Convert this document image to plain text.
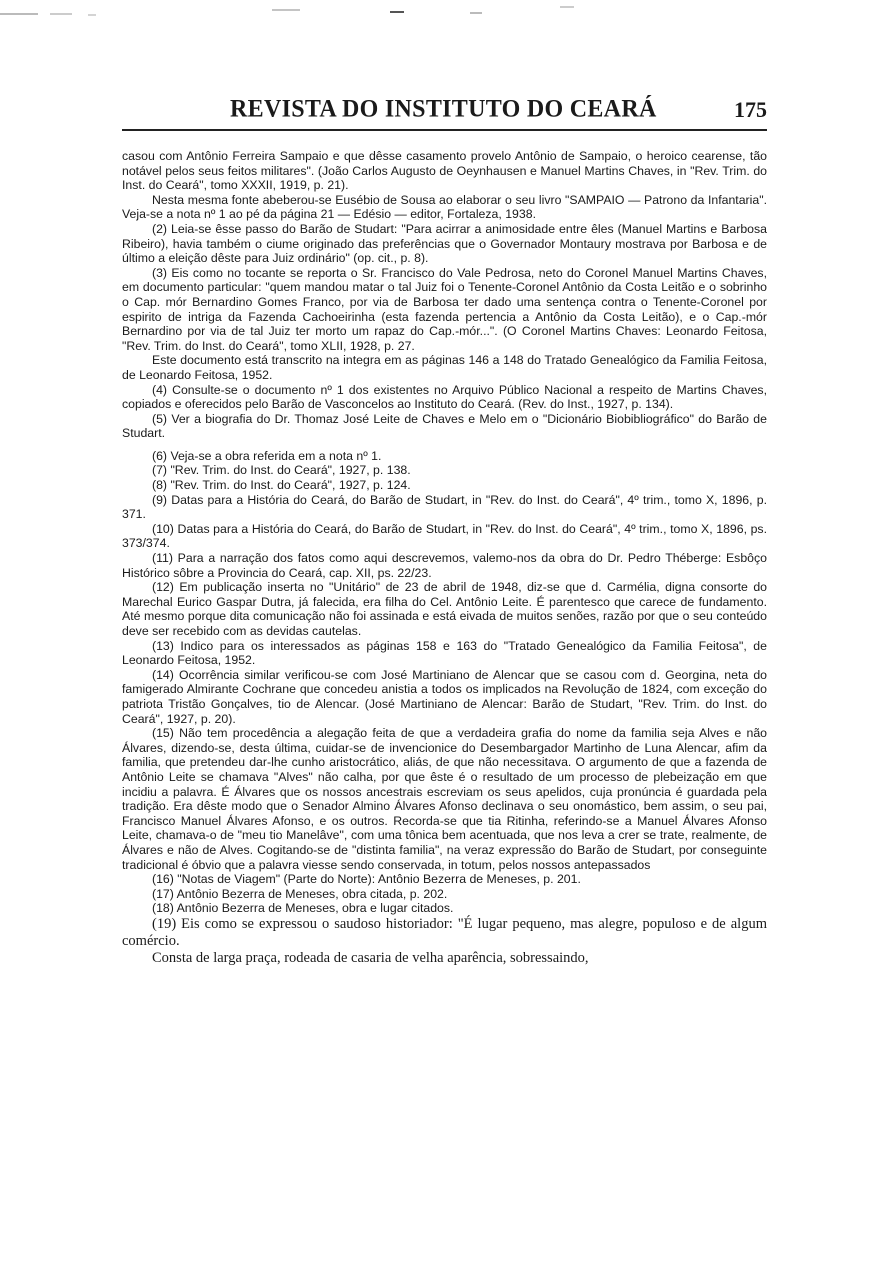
REVISTA DO INSTITUTO DO CEARÁ	175

casou com Antônio Ferreira Sampaio e que dêsse casamento provelo Antônio de Sampaio, o heroico cearense, tão notável pelos seus feitos militares". (João Carlos Augusto de Oeynhausen e Manuel Martins Chaves, in "Rev. Trim. do Inst. do Ceará", tomo XXXII, 1919, p. 21).

Nesta mesma fonte abeberou-se Eusébio de Sousa ao elaborar o seu livro "SAMPAIO — Patrono da Infantaria". Veja-se a nota nº 1 ao pé da página 21 — Edésio — editor, Fortaleza, 1938.

(2) Leia-se êsse passo do Barão de Studart: "Para acirrar a animosidade entre êles (Manuel Martins e Barbosa Ribeiro), havia também o ciume originado das preferências que o Governador Montaury mostrava por Barbosa e de último a eleição dêste para Juiz ordinário" (op. cit., p. 8).

(3) Eis como no tocante se reporta o Sr. Francisco do Vale Pedrosa, neto do Coronel Manuel Martins Chaves, em documento particular: "quem mandou matar o tal Juiz foi o Tenente-Coronel Antônio da Costa Leitão e o sobrinho o Cap. mór Bernardino Gomes Franco, por via de Barbosa ter dado uma sentença contra o Tenente-Coronel por espirito de intriga da Fazenda Cachoeirinha (esta fazenda pertencia a Antônio da Costa Leitão), e o Cap.-mór Bernardino por via de tal Juiz ter morto um rapaz do Cap.-mór...". (O Coronel Martins Chaves: Leonardo Feitosa, "Rev. Trim. do Inst. do Ceará", tomo XLII, 1928, p. 27.

Este documento está transcrito na integra em as páginas 146 a 148 do Tratado Genealógico da Familia Feitosa, de Leonardo Feitosa, 1952.

(4) Consulte-se o documento nº 1 dos existentes no Arquivo Público Nacional a respeito de Martins Chaves, copiados e oferecidos pelo Barão de Vasconcelos ao Instituto do Ceará. (Rev. do Inst., 1927, p. 134).

(5) Ver a biografia do Dr. Thomaz José Leite de Chaves e Melo em o "Dicionário Biobibliográfico" do Barão de Studart.

(6) Veja-se a obra referida em a nota nº 1.

(7) "Rev. Trim. do Inst. do Ceará", 1927, p. 138.

(8) "Rev. Trim. do Inst. do Ceará", 1927, p. 124.

(9) Datas para a História do Ceará, do Barão de Studart, in "Rev. do Inst. do Ceará", 4º trim., tomo X, 1896, p. 371.

(10) Datas para a História do Ceará, do Barão de Studart, in "Rev. do Inst. do Ceará", 4º trim., tomo X, 1896, ps. 373/374.

(11) Para a narração dos fatos como aqui descrevemos, valemo-nos da obra do Dr. Pedro Théberge: Esbôço Histórico sôbre a Provincia do Ceará, cap. XII, ps. 22/23.

(12) Em publicação inserta no "Unitário" de 23 de abril de 1948, diz-se que d. Carmélia, digna consorte do Marechal Eurico Gaspar Dutra, já falecida, era filha do Cel. Antônio Leite. É parentesco que carece de fundamento. Até mesmo porque dita comunicação não foi assinada e está eivada de muitos senões, razão por que o seu conteúdo deve ser recebido com as devidas cautelas.

(13) Indico para os interessados as páginas 158 e 163 do "Tratado Genealógico da Familia Feitosa", de Leonardo Feitosa, 1952.

(14) Ocorrência similar verificou-se com José Martiniano de Alencar que se casou com d. Georgina, neta do famigerado Almirante Cochrane que concedeu anistia a todos os implicados na Revolução de 1824, com exceção do patriota Tristão Gonçalves, tio de Alencar. (José Martiniano de Alencar: Barão de Studart, "Rev. Trim. do Inst. do Ceará", 1927, p. 20).

(15) Não tem procedência a alegação feita de que a verdadeira grafia do nome da familia seja Alves e não Álvares, dizendo-se, desta última, cuidar-se de invencionice do Desembargador Martinho de Luna Alencar, afim da familia, que pretendeu dar-lhe cunho aristocrático, aliás, de que não necessitava. O argumento de que a fazenda de Antônio Leite se chamava "Alves" não calha, por que êste é o resultado de um processo de plebeização em que incidiu a palavra. É Álvares que os nossos ancestrais escreviam os seus apelidos, cuja pronúncia é guardada pela tradição. Era dêste modo que o Senador Almino Álvares Afonso declinava o seu onomástico, bem assim, o seu pai, Francisco Manuel Álvares Afonso, e os outros. Recorda-se que tia Ritinha, referindo-se a Manuel Álvares Afonso Leite, chamava-o de "meu tio Manelâve", com uma tônica bem acentuada, que nos leva a crer se trate, realmente, de Álvares e não de Alves. Cogitando-se de "distinta familia", na veraz expressão do Barão de Studart, por conseguinte tradicional é óbvio que a palavra viesse sendo conservada, in totum, pelos nossos antepassados

(16) "Notas de Viagem" (Parte do Norte): Antônio Bezerra de Meneses, p. 201.

(17) Antônio Bezerra de Meneses, obra citada, p. 202.

(18) Antônio Bezerra de Meneses, obra e lugar citados.

(19) Eis como se expressou o saudoso historiador: "É lugar pequeno, mas alegre, populoso e de algum comércio.

Consta de larga praça, rodeada de casaria de velha aparência, sobressaindo,
